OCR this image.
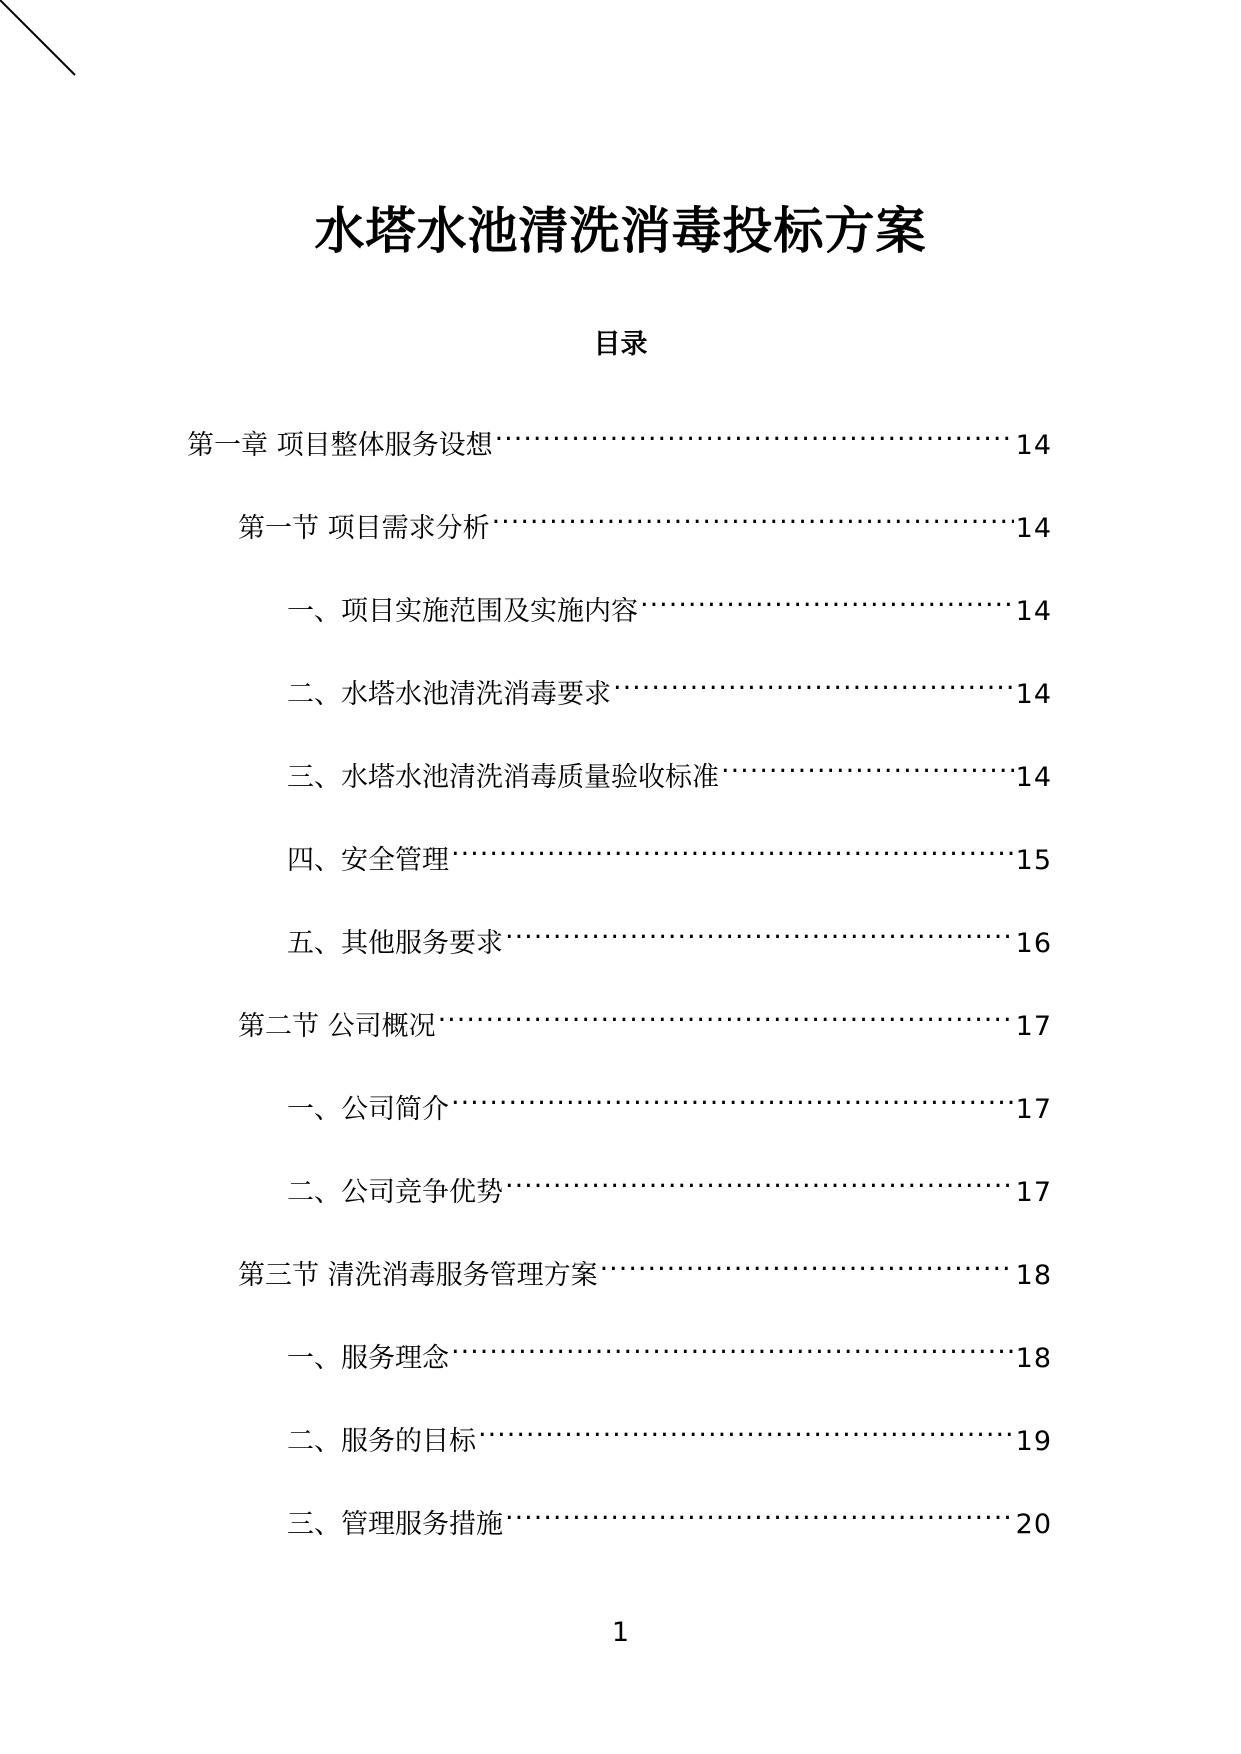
水塔水池清洗消毒投标方案
目录
第一章 项目整体服务设想 .....	14
第一节 项目需求分析 .....	14
一、项目实施范围及实施内容 .....	14
二、水塔水池清洗消毒要求 .....	14
三、水塔水池清洗消毒质量验收标准 .....	14
四、安全管理 .....	15
五、其他服务要求 .....	16
第二节 公司概况 .....	17
一、公司简介 .....	17
二、公司竞争优势 .....	17
第三节 清洗消毒服务管理方案 .....	18
一、服务理念 .....	18
二、服务的目标 .....	19
三、管理服务措施 .....	20
1
